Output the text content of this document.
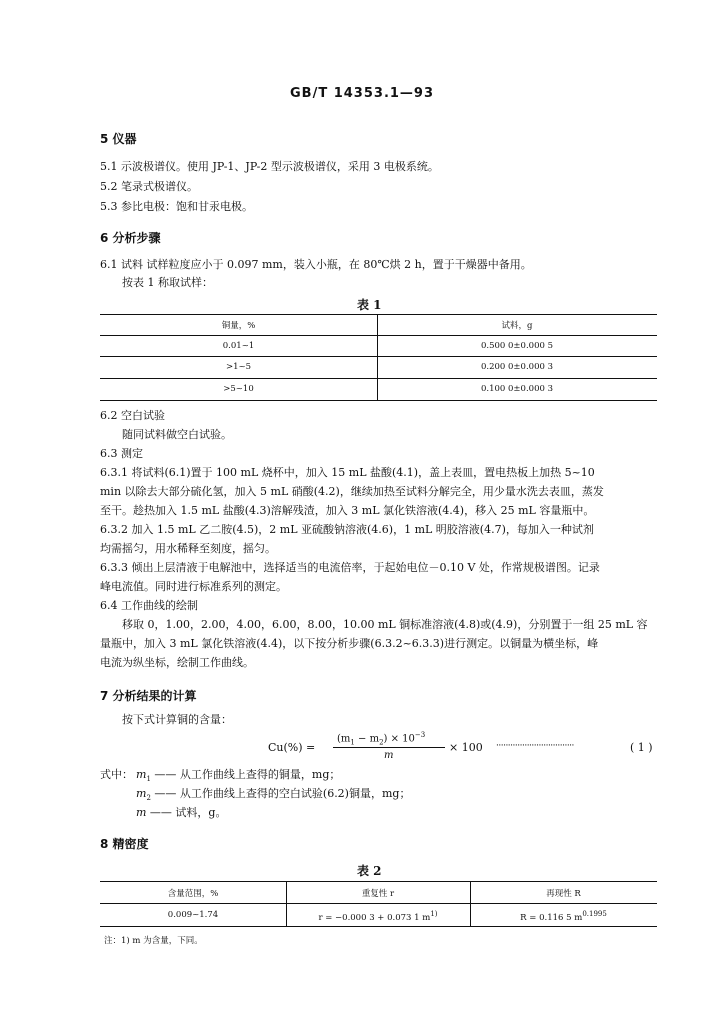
GB/T 14353.1—93
5 仪器
5.1 示波极谱仪。使用 JP-1、JP-2 型示波极谱仪，采用 3 电极系统。
5.2 笔录式极谱仪。
5.3 参比电极：饱和甘汞电极。
6 分析步骤
6.1 试料 试样粒度应小于 0.097 mm，装入小瓶，在 80℃烘 2 h，置于干燥器中备用。
按表 1 称取试样：
表 1
铜量，%	试料，g
0.01~1	0.500 0±0.000 5
>1~5	0.200 0±0.000 3
>5~10	0.100 0±0.000 3
6.2 空白试验
随同试料做空白试验。
6.3 测定
6.3.1 将试料(6.1)置于 100 mL 烧杯中，加入 15 mL 盐酸(4.1)，盖上表皿，置电热板上加热 5~10
min 以除去大部分硫化氢，加入 5 mL 硝酸(4.2)，继续加热至试料分解完全，用少量水洗去表皿，蒸发
至干。趁热加入 1.5 mL 盐酸(4.3)溶解残渣，加入 3 mL 氯化铁溶液(4.4)，移入 25 mL 容量瓶中。
6.3.2 加入 1.5 mL 乙二胺(4.5)，2 mL 亚硫酸钠溶液(4.6)，1 mL 明胶溶液(4.7)，每加入一种试剂
均需摇匀，用水稀释至刻度，摇匀。
6.3.3 倾出上层清液于电解池中，选择适当的电流倍率，于起始电位－0.10 V 处，作常规极谱图。记录
峰电流值。同时进行标准系列的测定。
6.4 工作曲线的绘制
移取 0，1.00，2.00，4.00，6.00，8.00，10.00 mL 铜标准溶液(4.8)或(4.9)，分别置于一组 25 mL 容
量瓶中，加入 3 mL 氯化铁溶液(4.4)，以下按分析步骤(6.3.2~6.3.3)进行测定。以铜量为横坐标，峰
电流为纵坐标，绘制工作曲线。
7 分析结果的计算
按下式计算铜的含量：
Cu(%) =
$(m_1 - m_2) \times 10^{-3}$
m
× 100 ·································	( 1 )
式中： $m_1$ —— 从工作曲线上查得的铜量，mg；
$m_2$ —— 从工作曲线上查得的空白试验(6.2)铜量，mg；
m —— 试料，g。
8 精密度
表 2
含量范围，%	重复性 r	再现性 R
0.009~1.74	r = −0.000 3 + 0.073 1 $m^{1)}$	R = 0.116 5 $m^{0.1995}$
注：1) m 为含量，下同。
